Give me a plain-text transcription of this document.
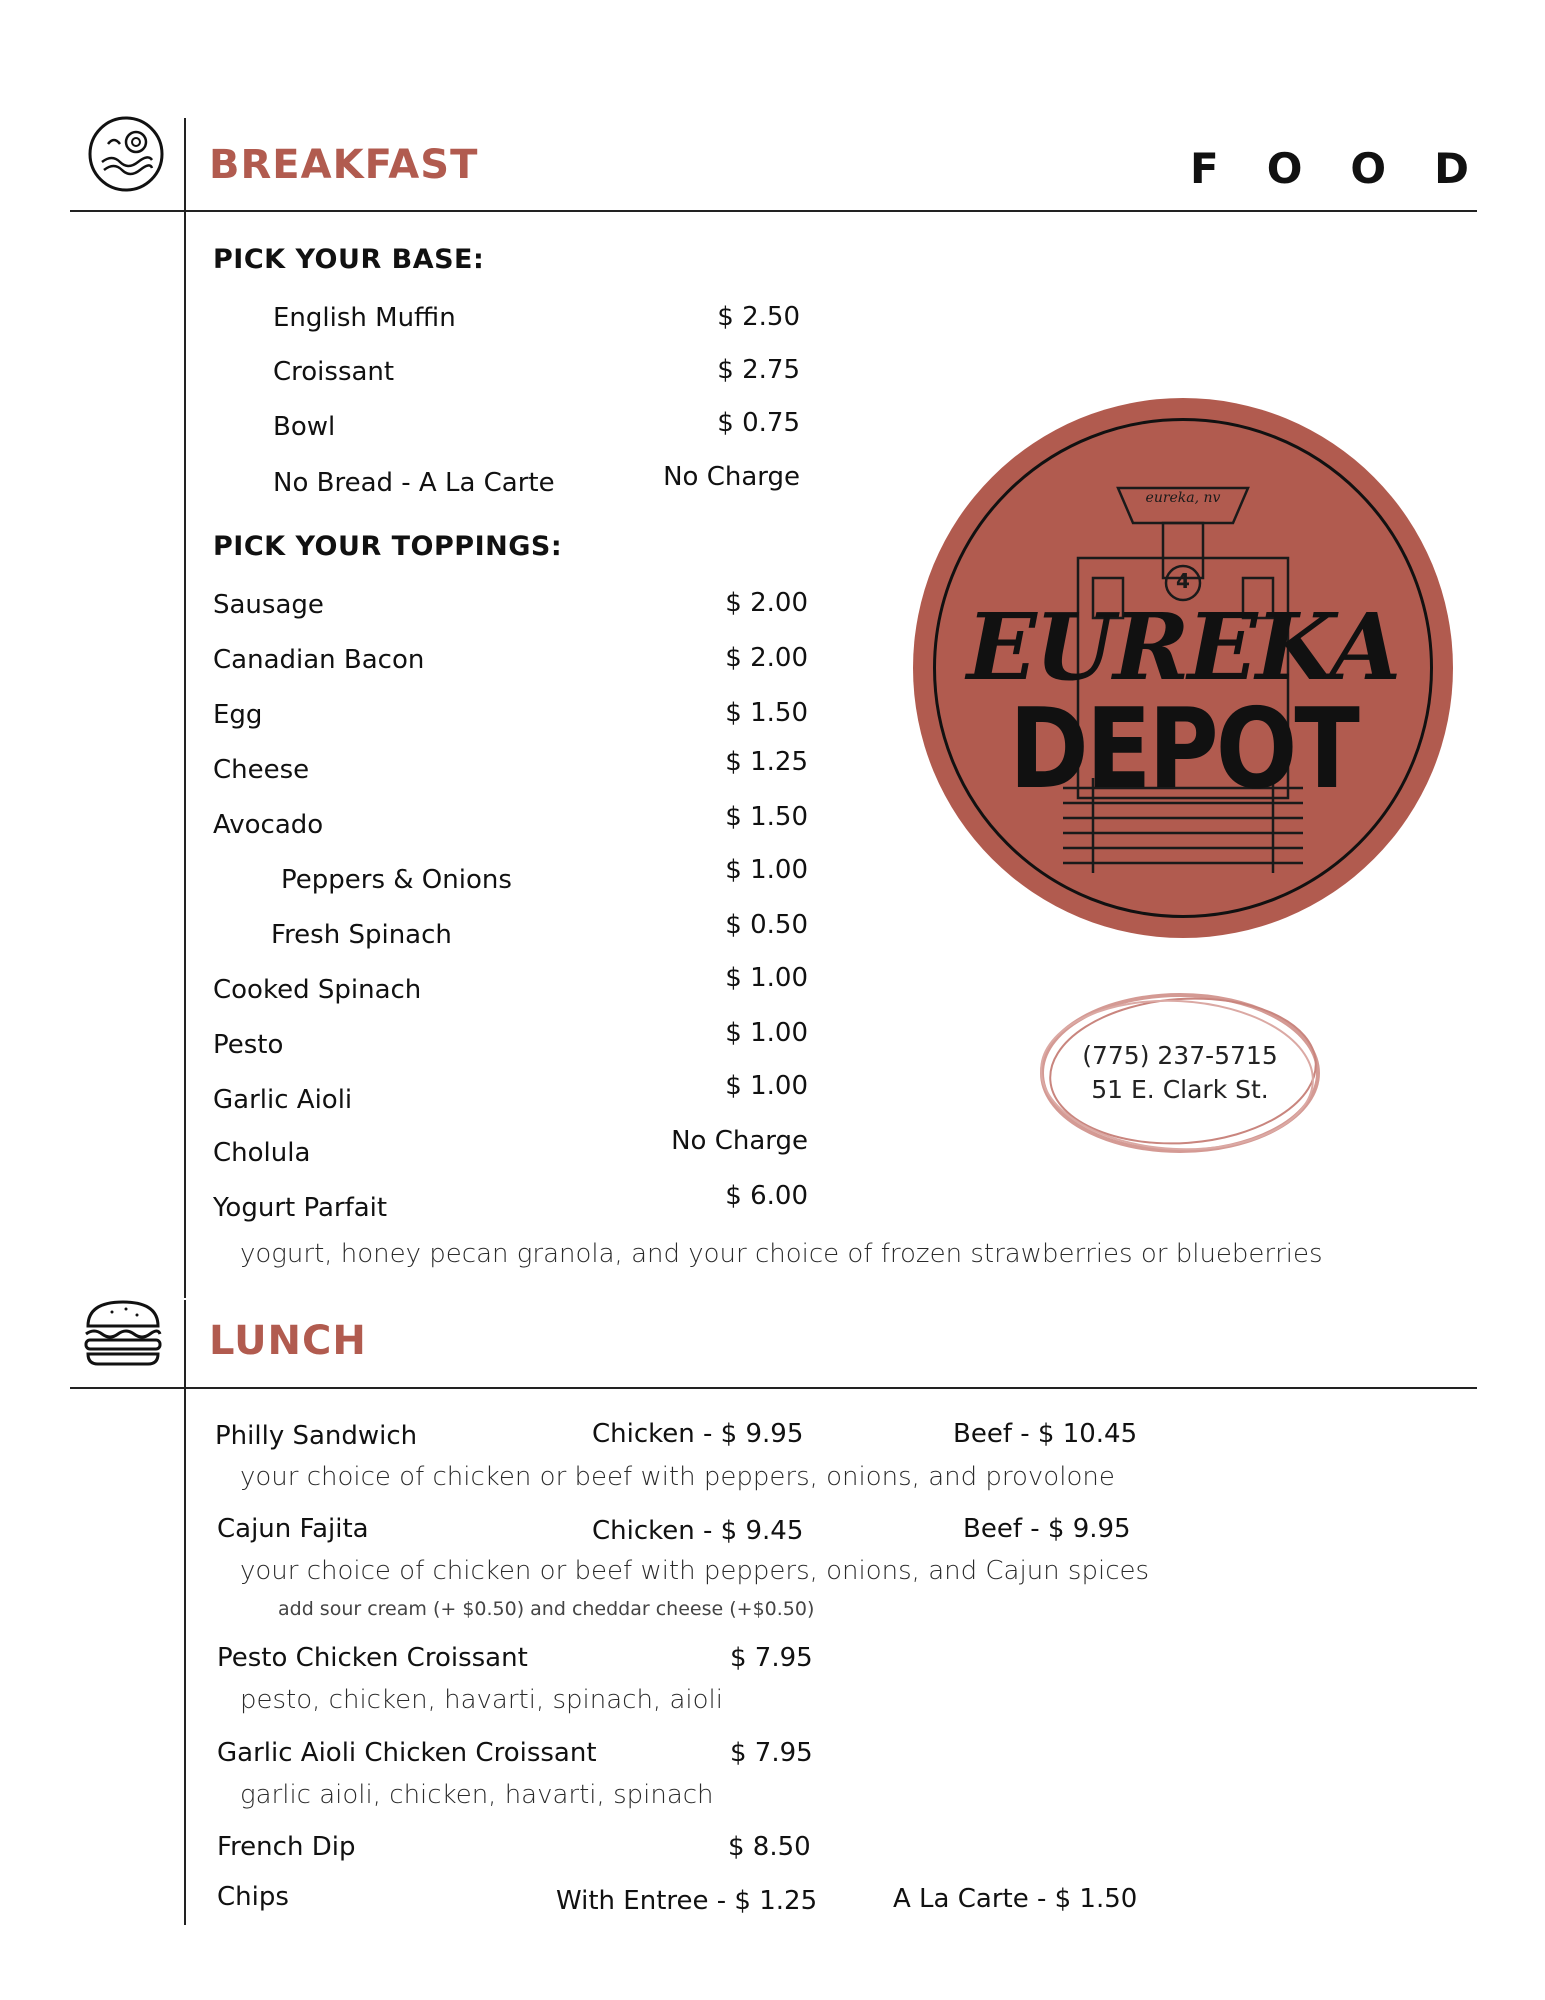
BREAKFAST	FOOD
PICK YOUR BASE:
English Muffin	$ 2.50
Croissant	$ 2.75
Bowl	$ 0.75
No Bread - A La Carte	No Charge
PICK YOUR TOPPINGS:
Sausage	$ 2.00
Canadian Bacon	$ 2.00
Egg	$ 1.50
Cheese	$ 1.25
Avocado	$ 1.50
Peppers & Onions	$ 1.00
Fresh Spinach	$ 0.50
Cooked Spinach	$ 1.00
Pesto	$ 1.00
Garlic Aioli	$ 1.00
Cholula	No Charge
Yogurt Parfait	$ 6.00
yogurt, honey pecan granola, and your choice of frozen strawberries or blueberries
eureka, nv
4
EUREKA
DEPOT
(775) 237-5715
51 E. Clark St.
LUNCH
Philly Sandwich	Chicken - $ 9.95	Beef - $ 10.45
your choice of chicken or beef with peppers, onions, and provolone
Cajun Fajita	Chicken - $ 9.45	Beef - $ 9.95
your choice of chicken or beef with peppers, onions, and Cajun spices
add sour cream (+ $0.50) and cheddar cheese (+$0.50)
Pesto Chicken Croissant	$ 7.95
pesto, chicken, havarti, spinach, aioli
Garlic Aioli Chicken Croissant	$ 7.95
garlic aioli, chicken, havarti, spinach
French Dip	$ 8.50
Chips	With Entree - $ 1.25	A La Carte - $ 1.50
